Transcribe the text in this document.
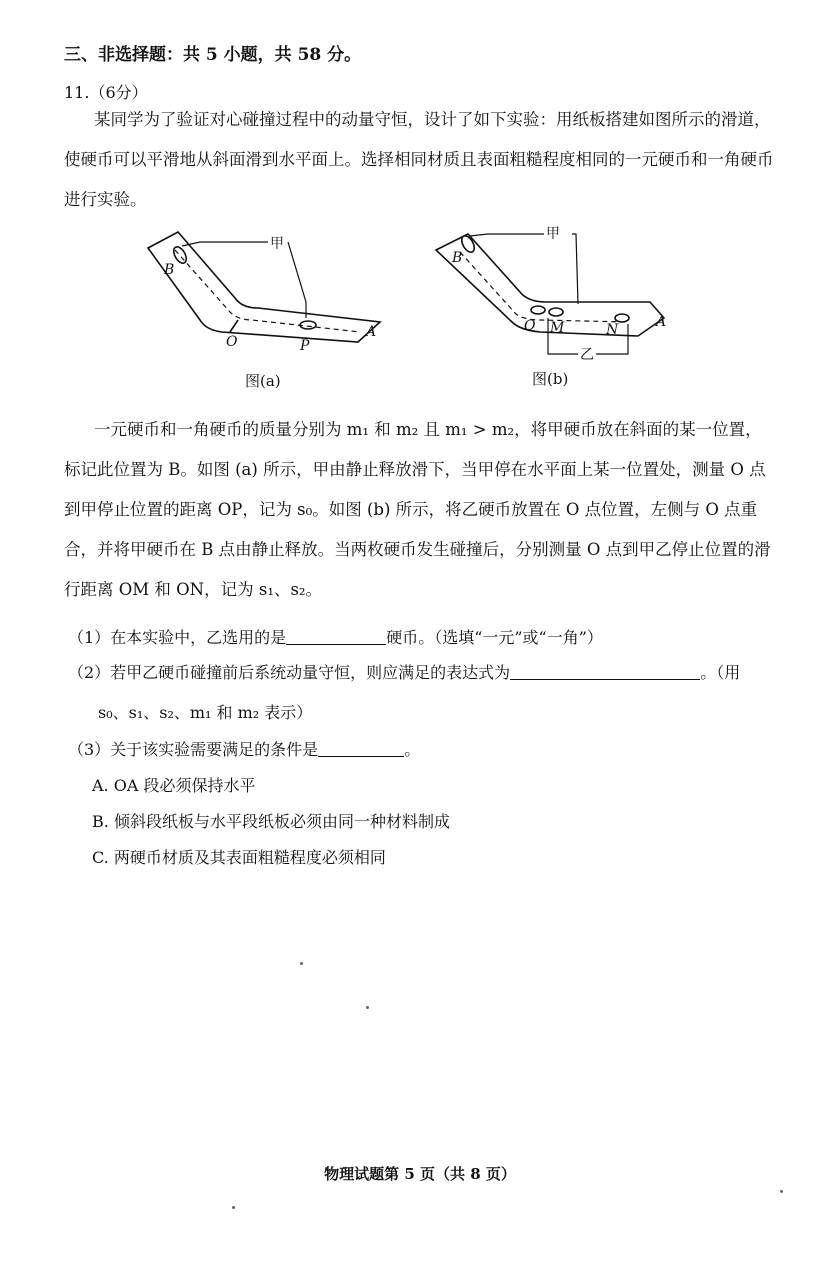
三、非选择题：共 5 小题，共 58 分。
11.（6分）
某同学为了验证对心碰撞过程中的动量守恒，设计了如下实验：用纸板搭建如图所示的滑道，使硬币可以平滑地从斜面滑到水平面上。选择相同材质且表面粗糙程度相同的一元硬币和一角硬币进行实验。
甲
B
O	P
A
甲
B
O M	N	A
乙
图(a)	图(b)
一元硬币和一角硬币的质量分别为 m₁ 和 m₂ 且 m₁ > m₂，将甲硬币放在斜面的某一位置，标记此位置为 B。如图 (a) 所示，甲由静止释放滑下，当甲停在水平面上某一位置处，测量 O 点到甲停止位置的距离 OP，记为 s₀。如图 (b) 所示，将乙硬币放置在 O 点位置，左侧与 O 点重合，并将甲硬币在 B 点由静止释放。当两枚硬币发生碰撞后，分别测量 O 点到甲乙停止位置的滑行距离 OM 和 ON，记为 s₁、s₂。
（1）在本实验中，乙选用的是	硬币。（选填“一元”或“一角”）
（2）若甲乙硬币碰撞前后系统动量守恒，则应满足的表达式为	。（用
s₀、s₁、s₂、m₁ 和 m₂ 表示）
（3）关于该实验需要满足的条件是	。
A. OA 段必须保持水平
B. 倾斜段纸板与水平段纸板必须由同一种材料制成
C. 两硬币材质及其表面粗糙程度必须相同
物理试题第 5 页（共 8 页）
